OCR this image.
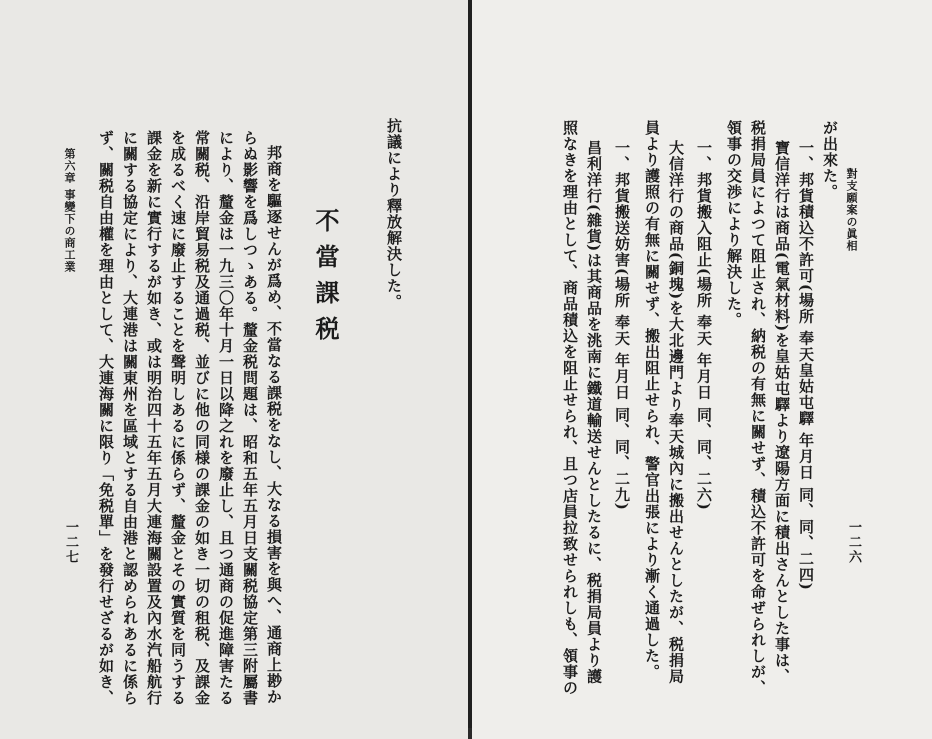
第六章 事變下の商工業
一二七 ず、關税自由權を理由として、大連海關に限り「免税單」を發行せざるが如き、 に關する協定により、大連港は關東州を區域とする自由港と認められあるに係ら 課金を新に實行するが如き、或は明治四十五年五月大連海關設置及內水汽船航行 を成るべく速に廢止することを聲明しあるに係らず、釐金とその實質を同うする 常關税、沿岸貿易税及通過税、並びに他の同様の課金の如き一切の租税、及課金 により、釐金は一九三〇年十月一日以降之れを廢止し、且つ通商の促進障害たる らぬ影響を爲しつゝある。釐金税問題は、昭和五年五月日支關税協定第三附屬書 邦商を驅逐せんが爲め、不當なる課税をなし、大なる損害を與へ、通商上尠か 不當課税	抗議により釋放解決した。	對支願案の眞相
一二六
が出來た。
一、邦貨積込不許可(場所 奉天皇姑屯驛 年月日 同、同、二四)
寶信洋行は商品(電氣材料)を皇姑屯驛より遼陽方面に積出さんとした事は、
税捐局員によつて阻止され、納税の有無に關せず、積込不許可を命ぜられしが、
領事の交渉により解決した。
一、邦貨搬入阻止(場所 奉天 年月日 同、同、二六)
大信洋行の商品(銅塊)を大北邊門より奉天城內に搬出せんとしたが、税捐局
員より護照の有無に關せず、搬出阻止せられ、警官出張により漸く通過した。
一、邦貨搬送妨害(場所 奉天 年月日 同、同、二九)
昌利洋行(雜貨)は其商品を洮南に鐵道輸送せんとしたるに、税捐局員より護
照なきを理由として、商品積込を阻止せられ、且つ店員拉致せられしも、領事の
